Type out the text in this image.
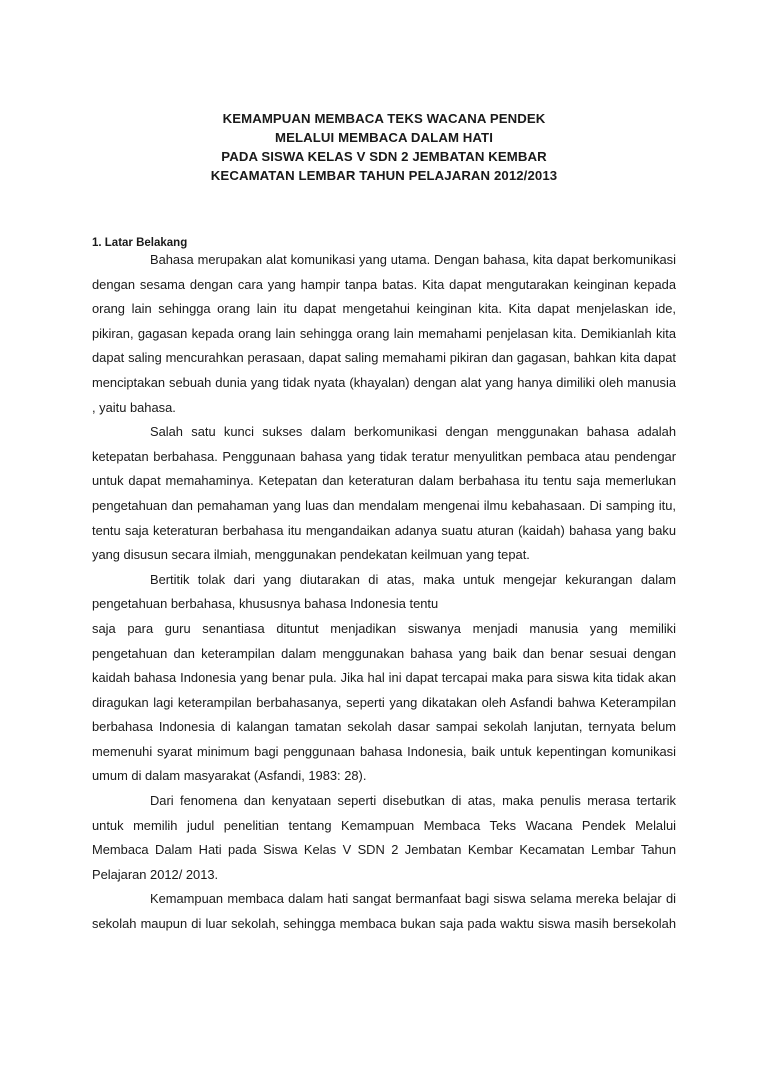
KEMAMPUAN MEMBACA TEKS WACANA PENDEK
MELALUI MEMBACA DALAM HATI
PADA SISWA KELAS V SDN 2 JEMBATAN KEMBAR
KECAMATAN LEMBAR TAHUN PELAJARAN 2012/2013
1. Latar Belakang
Bahasa merupakan alat komunikasi yang utama. Dengan bahasa, kita dapat berkomunikasi
dengan sesama dengan cara yang hampir tanpa batas. Kita dapat mengutarakan keinginan kepada
orang lain sehingga orang lain itu dapat mengetahui keinginan kita. Kita dapat menjelaskan ide,
pikiran, gagasan kepada orang lain sehingga orang lain memahami penjelasan kita. Demikianlah kita
dapat saling mencurahkan perasaan, dapat saling memahami pikiran dan gagasan, bahkan kita dapat
menciptakan sebuah dunia yang tidak nyata (khayalan) dengan alat yang hanya dimiliki oleh manusia
, yaitu bahasa.
Salah satu kunci sukses dalam berkomunikasi dengan menggunakan bahasa adalah
ketepatan berbahasa. Penggunaan bahasa yang tidak teratur menyulitkan pembaca atau pendengar
untuk dapat memahaminya. Ketepatan dan keteraturan dalam berbahasa itu tentu saja memerlukan
pengetahuan dan pemahaman yang luas dan mendalam mengenai ilmu kebahasaan. Di samping itu,
tentu saja keteraturan berbahasa itu mengandaikan adanya suatu aturan (kaidah) bahasa yang baku
yang disusun secara ilmiah, menggunakan pendekatan keilmuan yang tepat.
Bertitik tolak dari yang diutarakan di atas, maka untuk mengejar kekurangan dalam
pengetahuan berbahasa, khususnya bahasa Indonesia tentu
saja para guru senantiasa dituntut menjadikan siswanya menjadi manusia yang memiliki
pengetahuan dan keterampilan dalam menggunakan bahasa yang baik dan benar sesuai dengan
kaidah bahasa Indonesia yang benar pula. Jika hal ini dapat tercapai maka para siswa kita tidak akan
diragukan lagi keterampilan berbahasanya, seperti yang dikatakan oleh Asfandi bahwa Keterampilan
berbahasa Indonesia di kalangan tamatan sekolah dasar sampai sekolah lanjutan, ternyata belum
memenuhi syarat minimum bagi penggunaan bahasa Indonesia, baik untuk kepentingan komunikasi
umum di dalam masyarakat (Asfandi, 1983: 28).
Dari fenomena dan kenyataan seperti disebutkan di atas, maka penulis merasa tertarik
untuk memilih judul penelitian tentang Kemampuan Membaca Teks Wacana Pendek Melalui
Membaca Dalam Hati pada Siswa Kelas V SDN 2 Jembatan Kembar Kecamatan Lembar Tahun
Pelajaran 2012/ 2013.
Kemampuan membaca dalam hati sangat bermanfaat bagi siswa selama mereka belajar di
sekolah maupun di luar sekolah, sehingga membaca bukan saja pada waktu siswa masih bersekolah
